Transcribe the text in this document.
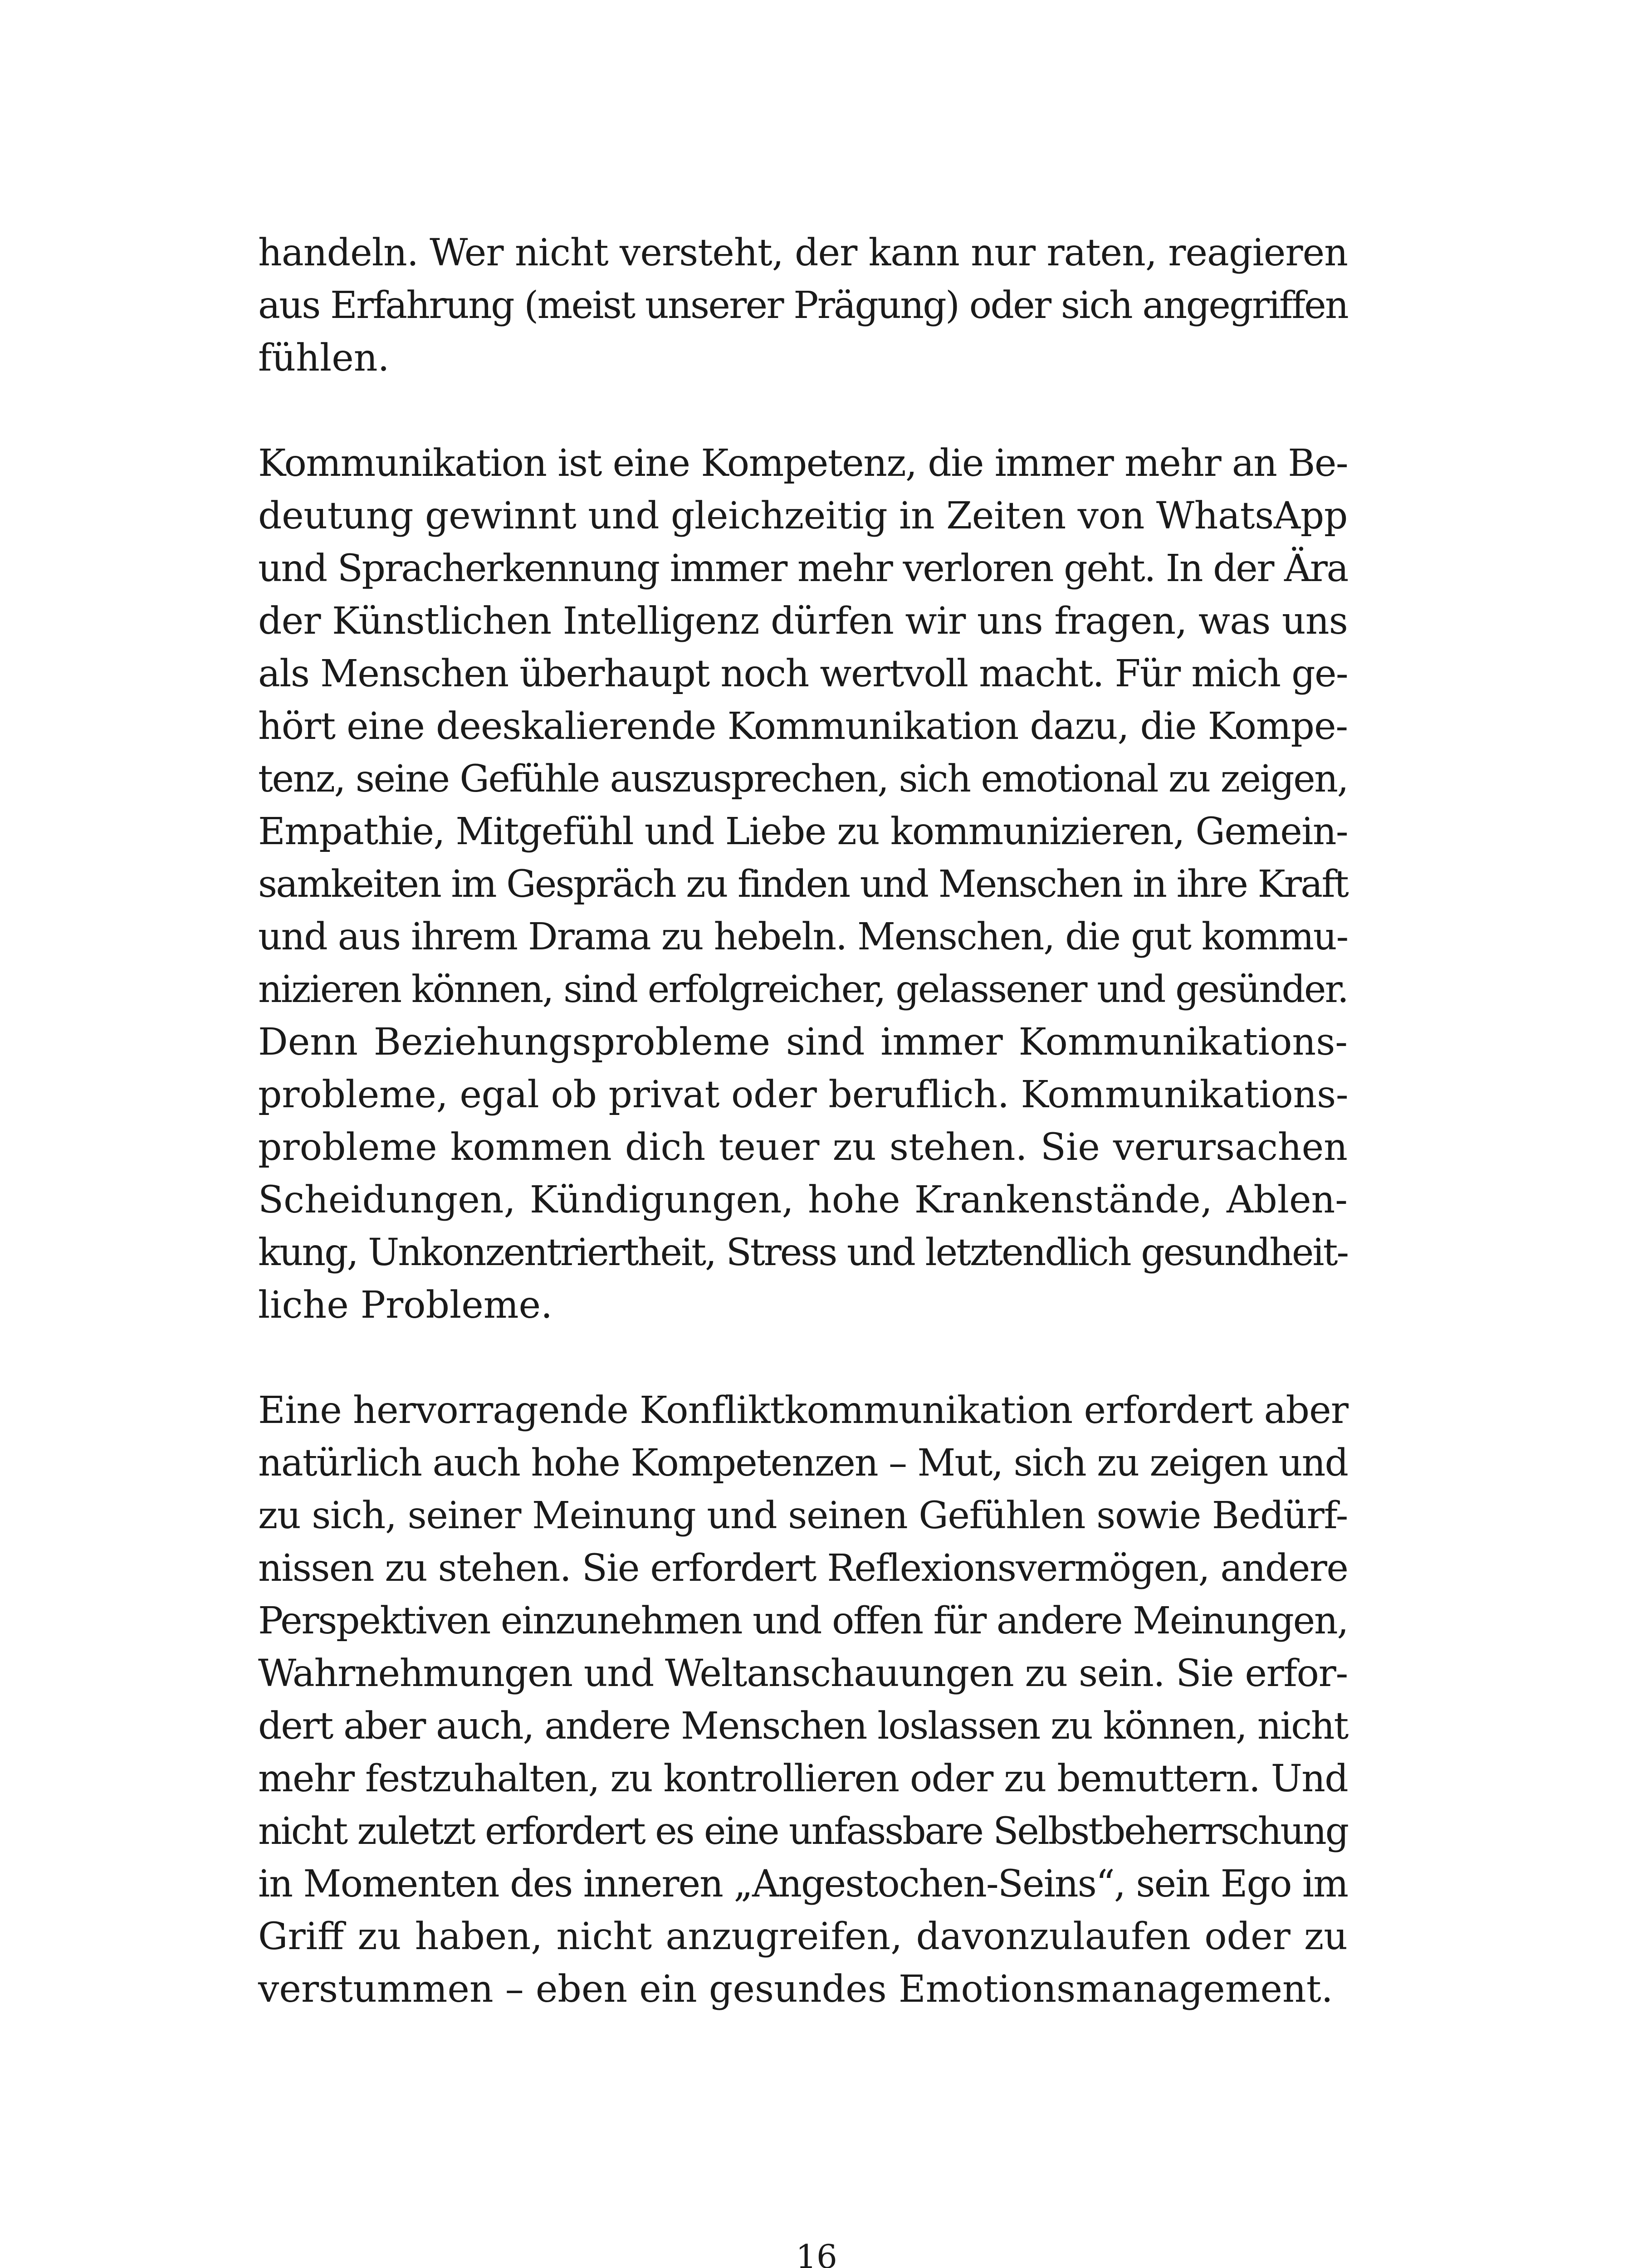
handeln. Wer nicht versteht, der kann nur raten, reagieren
aus Erfahrung (meist unserer Prägung) oder sich angegriffen
fühlen.
Kommunikation ist eine Kompetenz, die immer mehr an Be-
deutung gewinnt und gleichzeitig in Zeiten von WhatsApp
und Spracherkennung immer mehr verloren geht. In der Ära
der Künstlichen Intelligenz dürfen wir uns fragen, was uns
als Menschen überhaupt noch wertvoll macht. Für mich ge-
hört eine deeskalierende Kommunikation dazu, die Kompe-
tenz, seine Gefühle auszusprechen, sich emotional zu zeigen,
Empathie, Mitgefühl und Liebe zu kommunizieren, Gemein-
samkeiten im Gespräch zu finden und Menschen in ihre Kraft
und aus ihrem Drama zu hebeln. Menschen, die gut kommu-
nizieren können, sind erfolgreicher, gelassener und gesünder.
Denn Beziehungsprobleme sind immer Kommunikations-
probleme, egal ob privat oder beruflich. Kommunikations-
probleme kommen dich teuer zu stehen. Sie verursachen
Scheidungen, Kündigungen, hohe Krankenstände, Ablen-
kung, Unkonzentriertheit, Stress und letztendlich gesundheit-
liche Probleme.
Eine hervorragende Konfliktkommunikation erfordert aber
natürlich auch hohe Kompetenzen – Mut, sich zu zeigen und
zu sich, seiner Meinung und seinen Gefühlen sowie Bedürf-
nissen zu stehen. Sie erfordert Reflexionsvermögen, andere
Perspektiven einzunehmen und offen für andere Meinungen,
Wahrnehmungen und Weltanschauungen zu sein. Sie erfor-
dert aber auch, andere Menschen loslassen zu können, nicht
mehr festzuhalten, zu kontrollieren oder zu bemuttern. Und
nicht zuletzt erfordert es eine unfassbare Selbstbeherrschung
in Momenten des inneren „Angestochen-Seins“, sein Ego im
Griff zu haben, nicht anzugreifen, davonzulaufen oder zu
verstummen – eben ein gesundes Emotionsmanagement.
16
